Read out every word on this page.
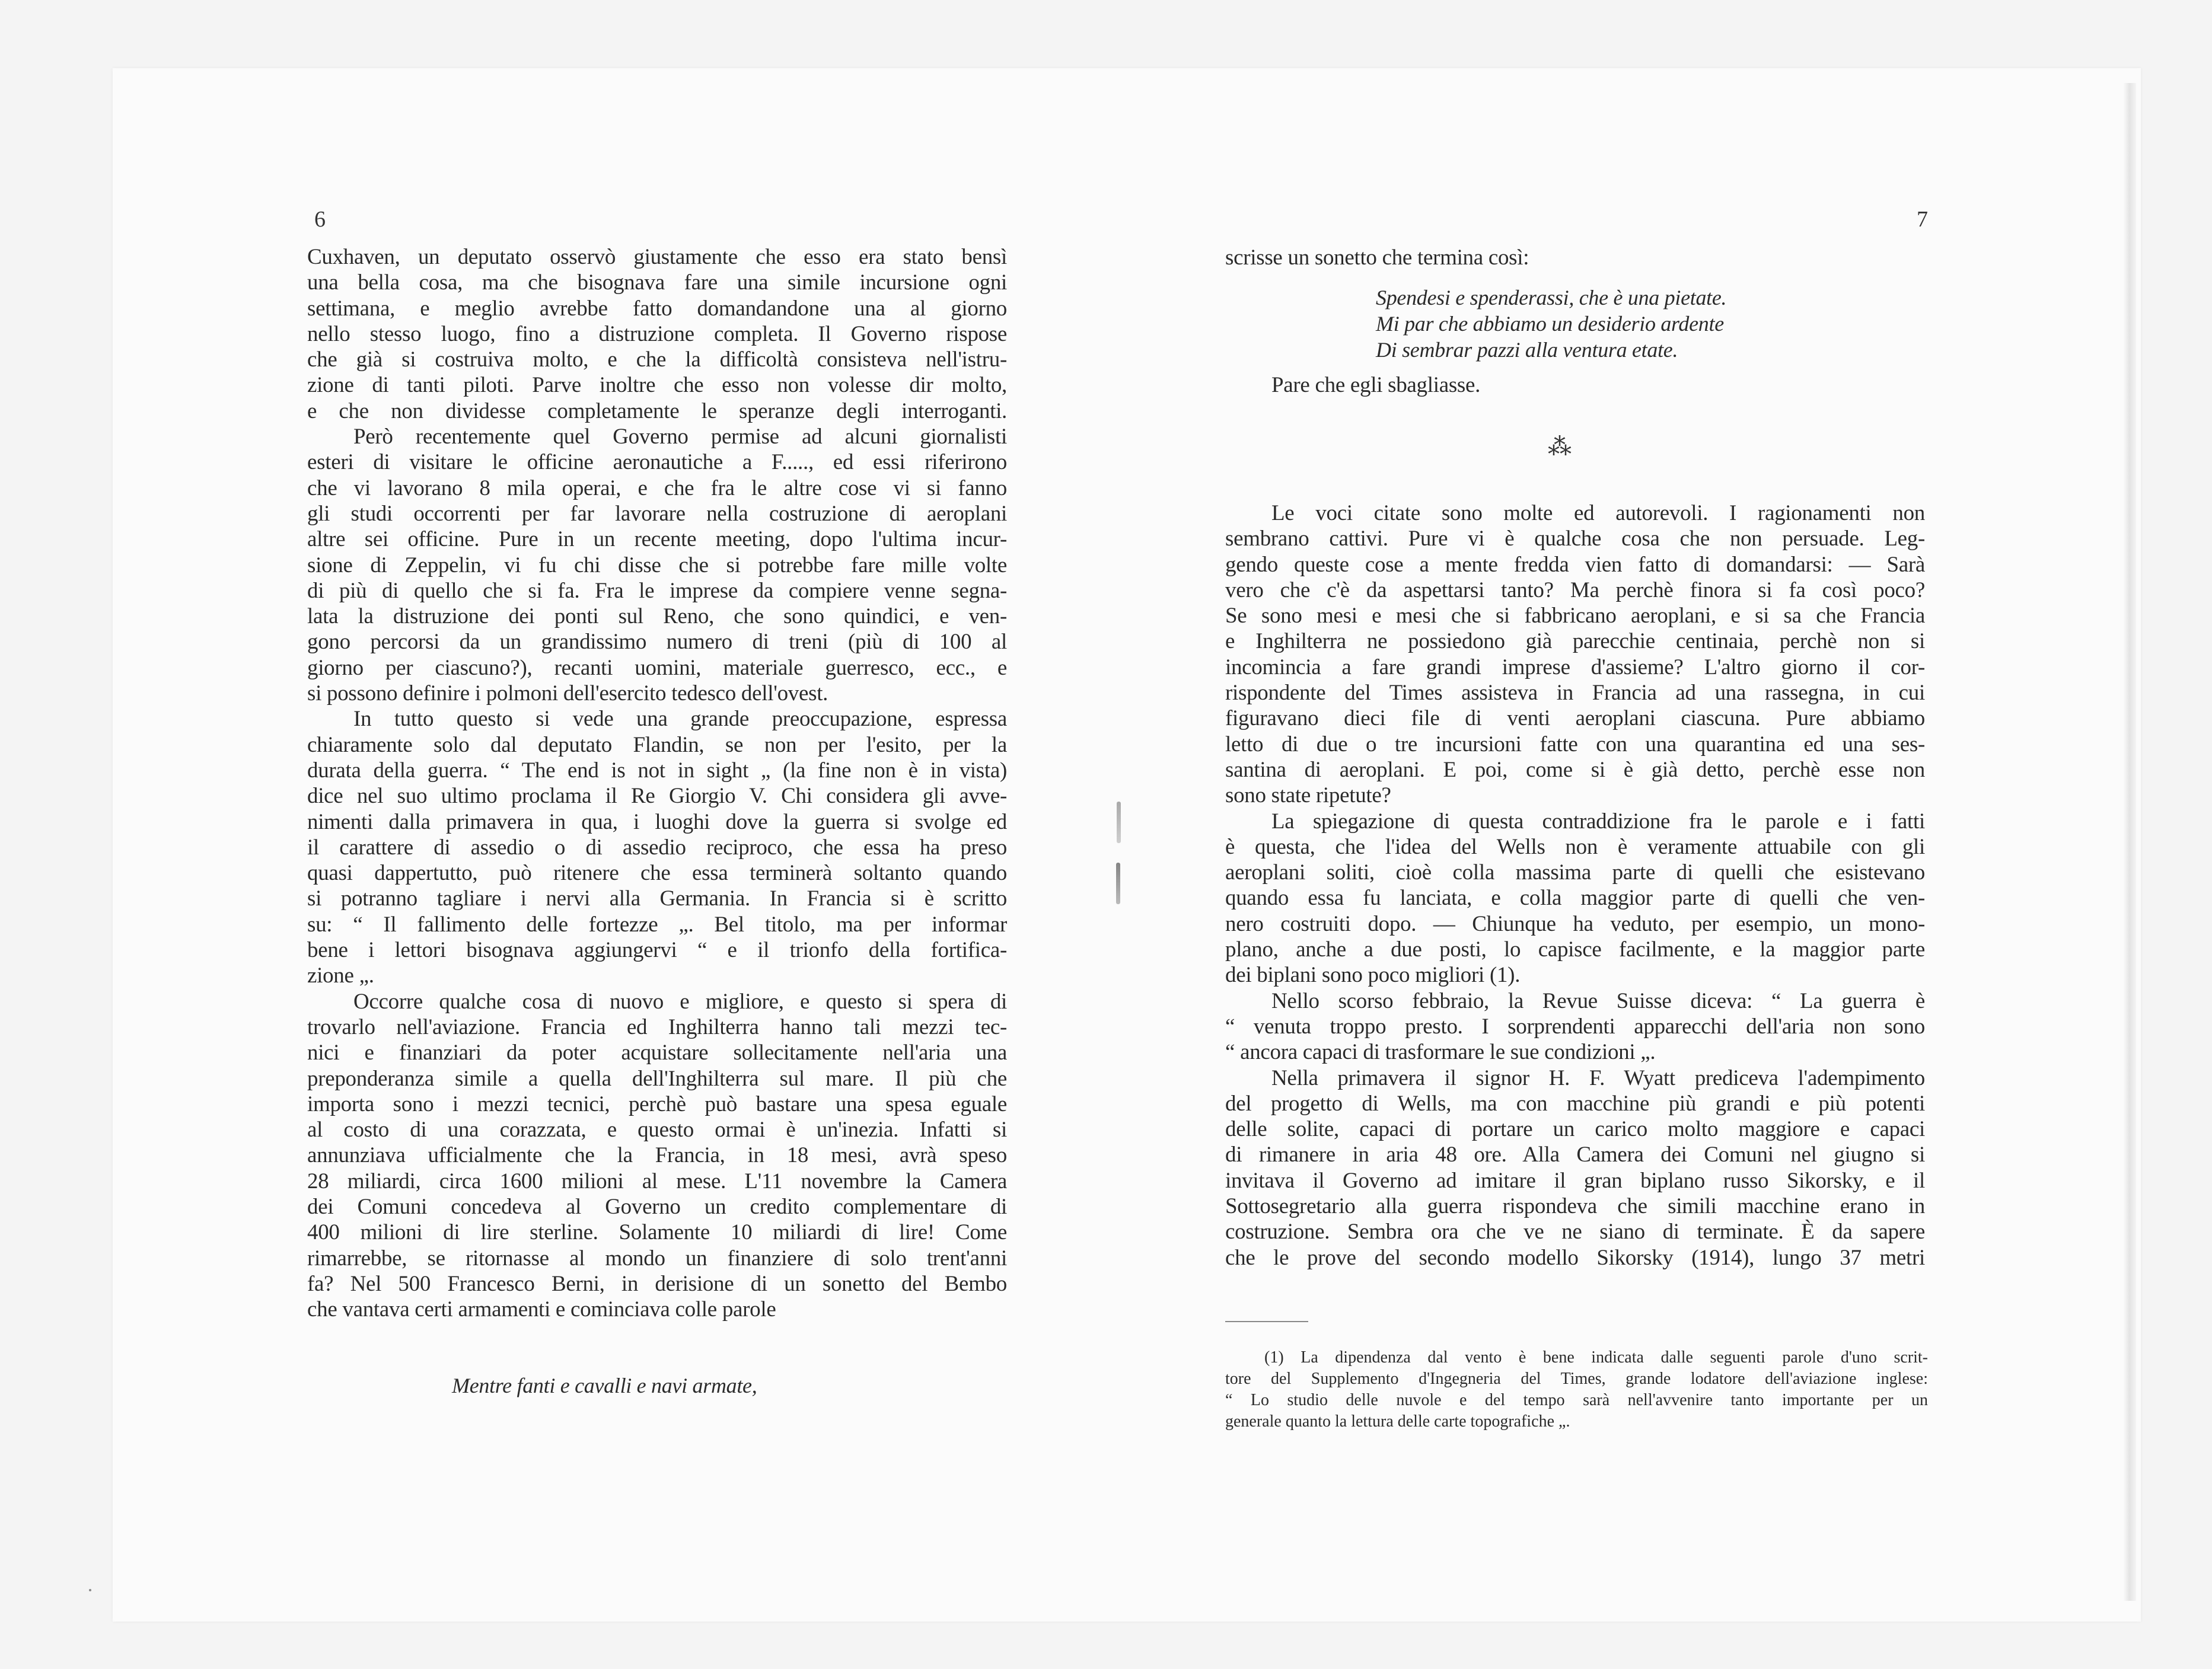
6

Cuxhaven, un deputato osservò giustamente che esso era stato bensì
una bella cosa, ma che bisognava fare una simile incursione ogni
settimana, e meglio avrebbe fatto domandandone una al giorno
nello stesso luogo, fino a distruzione completa. Il Governo rispose
che già si costruiva molto, e che la difficoltà consisteva nell'istru-
zione di tanti piloti. Parve inoltre che esso non volesse dir molto,
e che non dividesse completamente le speranze degli interroganti.

Però recentemente quel Governo permise ad alcuni giornalisti
esteri di visitare le officine aeronautiche a F....., ed essi riferirono
che vi lavorano 8 mila operai, e che fra le altre cose vi si fanno
gli studi occorrenti per far lavorare nella costruzione di aeroplani
altre sei officine. Pure in un recente meeting, dopo l'ultima incur-
sione di Zeppelin, vi fu chi disse che si potrebbe fare mille volte
di più di quello che si fa. Fra le imprese da compiere venne segna-
lata la distruzione dei ponti sul Reno, che sono quindici, e ven-
gono percorsi da un grandissimo numero di treni (più di 100 al
giorno per ciascuno?), recanti uomini, materiale guerresco, ecc., e
si possono definire i polmoni dell'esercito tedesco dell'ovest.

In tutto questo si vede una grande preoccupazione, espressa
chiaramente solo dal deputato Flandin, se non per l'esito, per la
durata della guerra. “ The end is not in sight „ (la fine non è in vista)
dice nel suo ultimo proclama il Re Giorgio V. Chi considera gli avve-
nimenti dalla primavera in qua, i luoghi dove la guerra si svolge ed
il carattere di assedio o di assedio reciproco, che essa ha preso
quasi dappertutto, può ritenere che essa terminerà soltanto quando
si potranno tagliare i nervi alla Germania. In Francia si è scritto
su: “ Il fallimento delle fortezze „. Bel titolo, ma per informar
bene i lettori bisognava aggiungervi “ e il trionfo della fortifica-
zione „.

Occorre qualche cosa di nuovo e migliore, e questo si spera di
trovarlo nell'aviazione. Francia ed Inghilterra hanno tali mezzi tec-
nici e finanziari da poter acquistare sollecitamente nell'aria una
preponderanza simile a quella dell'Inghilterra sul mare. Il più che
importa sono i mezzi tecnici, perchè può bastare una spesa eguale
al costo di una corazzata, e questo ormai è un'inezia. Infatti si
annunziava ufficialmente che la Francia, in 18 mesi, avrà speso
28 miliardi, circa 1600 milioni al mese. L'11 novembre la Camera
dei Comuni concedeva al Governo un credito complementare di
400 milioni di lire sterline. Solamente 10 miliardi di lire! Come
rimarrebbe, se ritornasse al mondo un finanziere di solo trent'anni
fa? Nel 500 Francesco Berni, in derisione di un sonetto del Bembo
che vantava certi armamenti e cominciava colle parole

Mentre fanti e cavalli e navi armate,
7
scrisse un sonetto che termina così:
Spendesi e spenderassi, che è una pietate.
Mi par che abbiamo un desiderio ardente
Di sembrar pazzi alla ventura etate.
Pare che egli sbagliasse.
⁂

Le voci citate sono molte ed autorevoli. I ragionamenti non
sembrano cattivi. Pure vi è qualche cosa che non persuade. Leg-
gendo queste cose a mente fredda vien fatto di domandarsi: — Sarà
vero che c'è da aspettarsi tanto? Ma perchè finora si fa così poco?
Se sono mesi e mesi che si fabbricano aeroplani, e si sa che Francia
e Inghilterra ne possiedono già parecchie centinaia, perchè non si
incomincia a fare grandi imprese d'assieme? L'altro giorno il cor-
rispondente del Times assisteva in Francia ad una rassegna, in cui
figuravano dieci file di venti aeroplani ciascuna. Pure abbiamo
letto di due o tre incursioni fatte con una quarantina ed una ses-
santina di aeroplani. E poi, come si è già detto, perchè esse non
sono state ripetute?

La spiegazione di questa contraddizione fra le parole e i fatti
è questa, che l'idea del Wells non è veramente attuabile con gli
aeroplani soliti, cioè colla massima parte di quelli che esistevano
quando essa fu lanciata, e colla maggior parte di quelli che ven-
nero costruiti dopo. — Chiunque ha veduto, per esempio, un mono-
plano, anche a due posti, lo capisce facilmente, e la maggior parte
dei biplani sono poco migliori (1).

Nello scorso febbraio, la Revue Suisse diceva: “ La guerra è
“ venuta troppo presto. I sorprendenti apparecchi dell'aria non sono
“ ancora capaci di trasformare le sue condizioni „.

Nella primavera il signor H. F. Wyatt prediceva l'adempimento
del progetto di Wells, ma con macchine più grandi e più potenti
delle solite, capaci di portare un carico molto maggiore e capaci
di rimanere in aria 48 ore. Alla Camera dei Comuni nel giugno si
invitava il Governo ad imitare il gran biplano russo Sikorsky, e il
Sottosegretario alla guerra rispondeva che simili macchine erano in
costruzione. Sembra ora che ve ne siano di terminate. È da sapere
che le prove del secondo modello Sikorsky (1914), lungo 37 metri

(1) La dipendenza dal vento è bene indicata dalle seguenti parole d'uno scrit-
tore del Supplemento d'Ingegneria del Times, grande lodatore dell'aviazione inglese:
“ Lo studio delle nuvole e del tempo sarà nell'avvenire tanto importante per un
generale quanto la lettura delle carte topografiche „.
